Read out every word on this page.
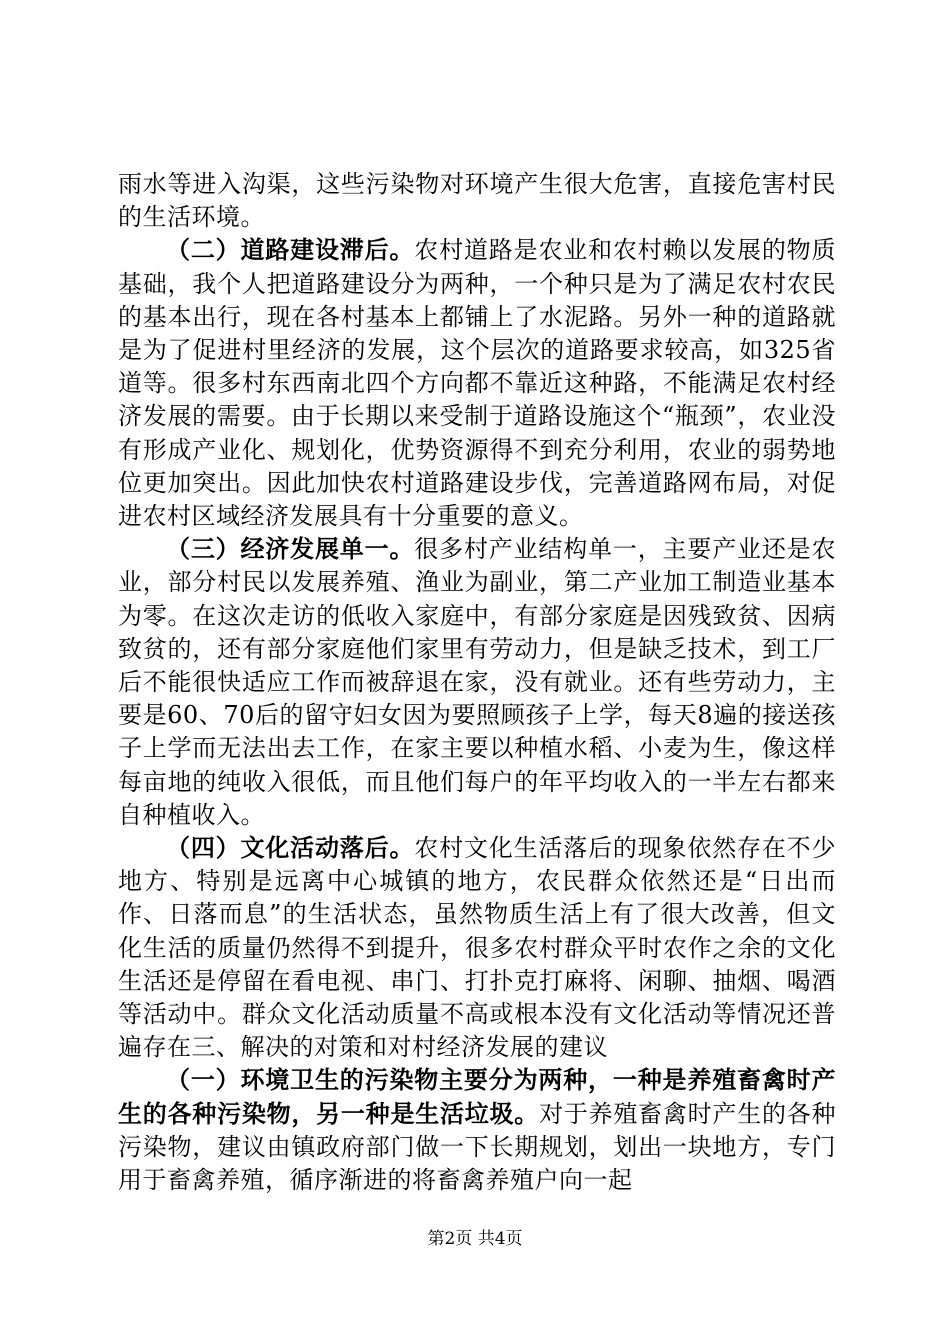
雨水等进入沟渠，这些污染物对环境产生很大危害，直接危害村民的生活环境。

（二）道路建设滞后。农村道路是农业和农村赖以发展的物质基础，我个人把道路建设分为两种，一个种只是为了满足农村农民的基本出行，现在各村基本上都铺上了水泥路。另外一种的道路就是为了促进村里经济的发展，这个层次的道路要求较高，如325省道等。很多村东西南北四个方向都不靠近这种路，不能满足农村经济发展的需要。由于长期以来受制于道路设施这个“瓶颈”，农业没有形成产业化、规划化，优势资源得不到充分利用，农业的弱势地位更加突出。因此加快农村道路建设步伐，完善道路网布局，对促进农村区域经济发展具有十分重要的意义。

（三）经济发展单一。很多村产业结构单一，主要产业还是农业，部分村民以发展养殖、渔业为副业，第二产业加工制造业基本为零。在这次走访的低收入家庭中，有部分家庭是因残致贫、因病致贫的，还有部分家庭他们家里有劳动力，但是缺乏技术，到工厂后不能很快适应工作而被辞退在家，没有就业。还有些劳动力，主要是60、70后的留守妇女因为要照顾孩子上学，每天8遍的接送孩子上学而无法出去工作，在家主要以种植水稻、小麦为生，像这样每亩地的纯收入很低，而且他们每户的年平均收入的一半左右都来自种植收入。

（四）文化活动落后。农村文化生活落后的现象依然存在不少地方、特别是远离中心城镇的地方，农民群众依然还是“日出而作、日落而息”的生活状态，虽然物质生活上有了很大改善，但文化生活的质量仍然得不到提升，很多农村群众平时农作之余的文化生活还是停留在看电视、串门、打扑克打麻将、闲聊、抽烟、喝酒等活动中。群众文化活动质量不高或根本没有文化活动等情况还普遍存在三、解决的对策和对村经济发展的建议

（一）环境卫生的污染物主要分为两种，一种是养殖畜禽时产生的各种污染物，另一种是生活垃圾。对于养殖畜禽时产生的各种污染物，建议由镇政府部门做一下长期规划，划出一块地方，专门用于畜禽养殖，循序渐进的将畜禽养殖户向一起

第2页 共4页
